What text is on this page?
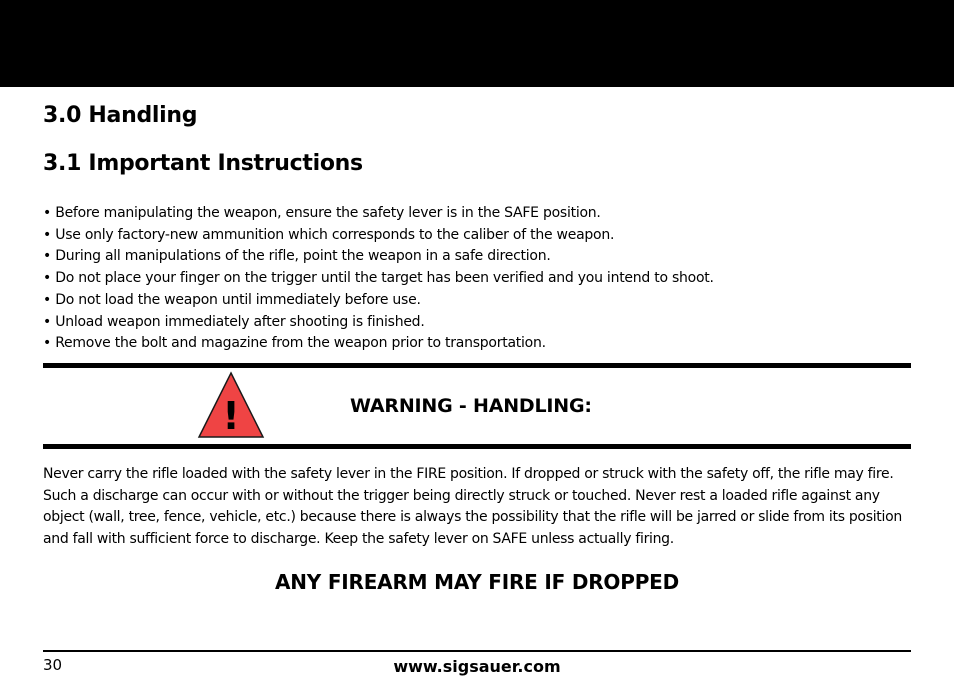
3.0 Handling
3.1 Important Instructions
• Before manipulating the weapon, ensure the safety lever is in the SAFE position.
• Use only factory-new ammunition which corresponds to the caliber of the weapon.
• During all manipulations of the rifle, point the weapon in a safe direction.
• Do not place your finger on the trigger until the target has been verified and you intend to shoot.
• Do not load the weapon until immediately before use.
• Unload weapon immediately after shooting is finished.
• Remove the bolt and magazine from the weapon prior to transportation.
!	WARNING - HANDLING:

Never carry the rifle loaded with the safety lever in the FIRE position. If dropped or struck with the safety off, the rifle may fire. Such a discharge can occur with or without the trigger being directly struck or touched. Never rest a loaded rifle against any object (wall, tree, fence, vehicle, etc.) because there is always the possibility that the rifle will be jarred or slide from its position and fall with sufficient force to discharge. Keep the safety lever on SAFE unless actually firing.

ANY FIREARM MAY FIRE IF DROPPED
30	www.sigsauer.com
